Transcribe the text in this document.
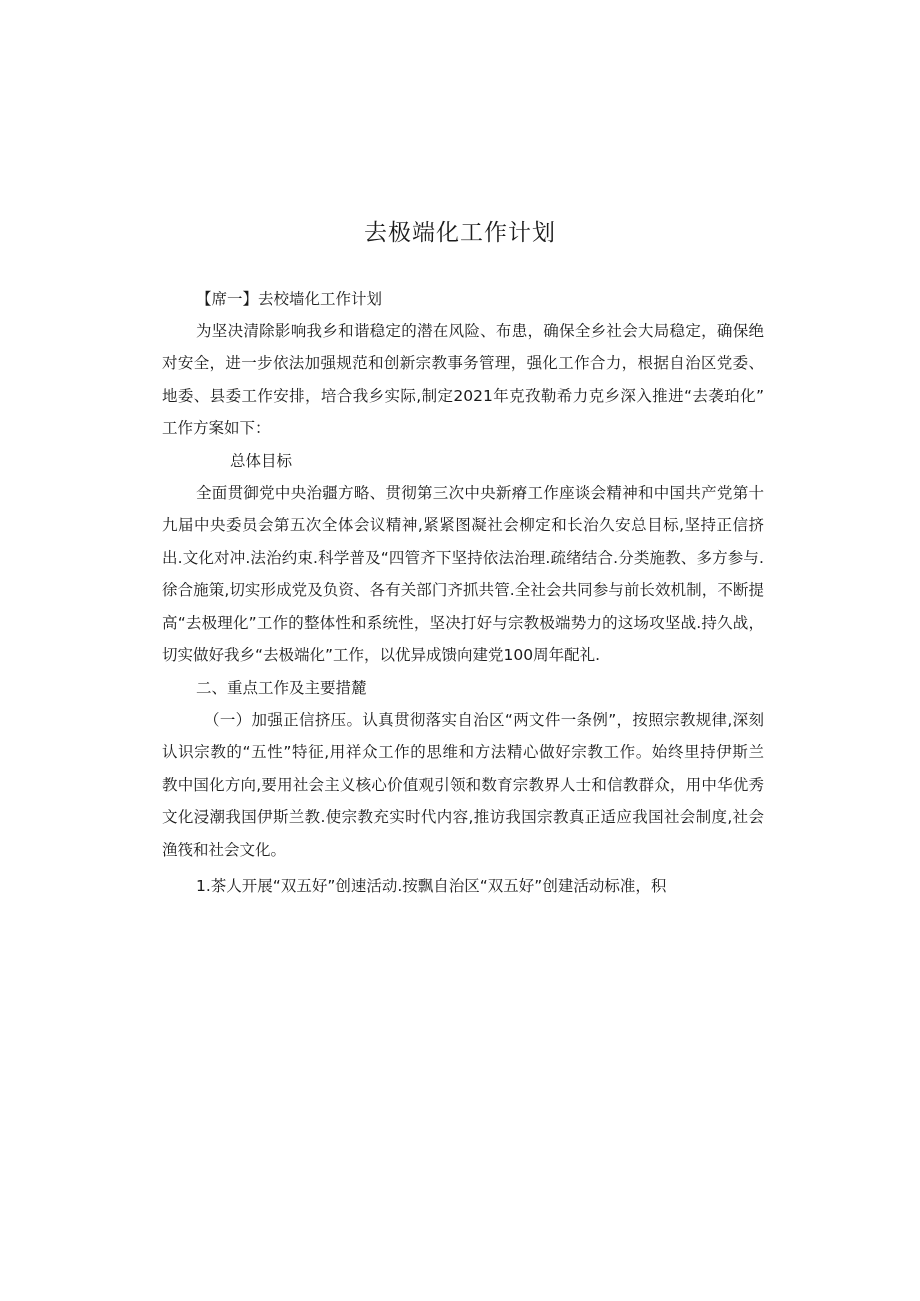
去极端化工作计划

【席一】去校墙化工作计划

为坚决清除影响我乡和谐稳定的潜在风险、布患，确保全乡社会大局稳定，确保绝

对安全，进一步依法加强规范和创新宗教事务管理，强化工作合力，根据自治区党委、

地委、县委工作安排，培合我乡实际,制定2021年克孜勒希力克乡深入推进“去袭珀化”

工作方案如下：

总体目标

全面贯御党中央治疆方略、贯彻第三次中央新瘠工作座谈会精神和中国共产党第十

九届中央委员会第五次全体会议精神,紧紧图凝社会柳定和长治久安总目标,坚持正信挤

出.文化对冲.法治约束.科学普及“四管齐下坚持依法治理.疏绪结合.分类施教、多方参与.

徐合施策,切实形成党及负资、各有关部门齐抓共管.全社会共同参与前长效机制，不断提

高“去极理化”工作的整体性和系统性，坚决打好与宗教极端势力的这场攻坚战.持久战，

切实做好我乡“去极端化”工作，以优异成馈向建党100周年配礼.

二、重点工作及主要措麓

（一）加强正信挤压。认真贯彻落实自治区“两文件一条例”，按照宗教规律,深刻

认识宗教的“五性”特征,用祥众工作的思维和方法精心做好宗教工作。始终里持伊斯兰

教中国化方向,要用社会主义核心价值观引领和数育宗教界人士和信教群众，用中华优秀

文化浸潮我国伊斯兰教.使宗教充实时代内容,推访我国宗教真正适应我国社会制度,社会

渔筏和社会文化。

1.茶人开展“双五好”创速活动.按飘自治区“双五好”创建活动标准，积
